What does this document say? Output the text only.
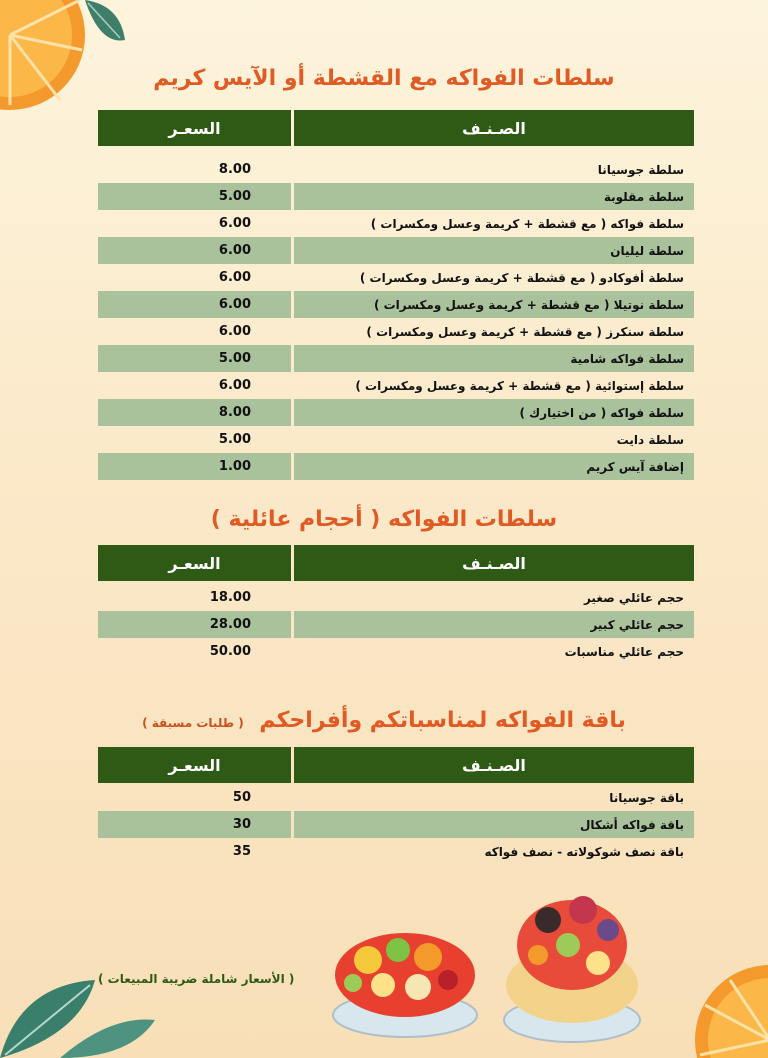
سلطات الفواكه مع القشطة أو الآيس كريم
الصـنـف
السعـر
سلطة جوسيانا
8.00
سلطة مقلوبة
5.00
سلطة فواكه ( مع قشطة + كريمة وعسل ومكسرات )
6.00
سلطة ليليان
6.00
سلطة أفوكادو ( مع قشطة + كريمة وعسل ومكسرات )
6.00
سلطة نوتيلا ( مع قشطة + كريمة وعسل ومكسرات )
6.00
سلطة سنكرز ( مع قشطة + كريمة وعسل ومكسرات )
6.00
سلطة فواكه شامية
5.00
سلطة إستوائية ( مع قشطة + كريمة وعسل ومكسرات )
6.00
سلطة فواكه ( من اختيارك )
8.00
سلطة دايت
5.00
إضافة آيس كريم
1.00
سلطات الفواكه ( أحجام عائلية )
الصـنـف
السعـر
حجم عائلي صغير
18.00
حجم عائلي كبير
28.00
حجم عائلي مناسبات
50.00
باقة الفواكه لمناسباتكم وأفراحكم ( طلبات مسبقة )
الصـنـف
السعـر
باقة جوسيانا
50
باقة فواكه أشكال
30
باقة نصف شوكولاته - نصف فواكه
35
( الأسعار شاملة ضريبة المبيعات )
